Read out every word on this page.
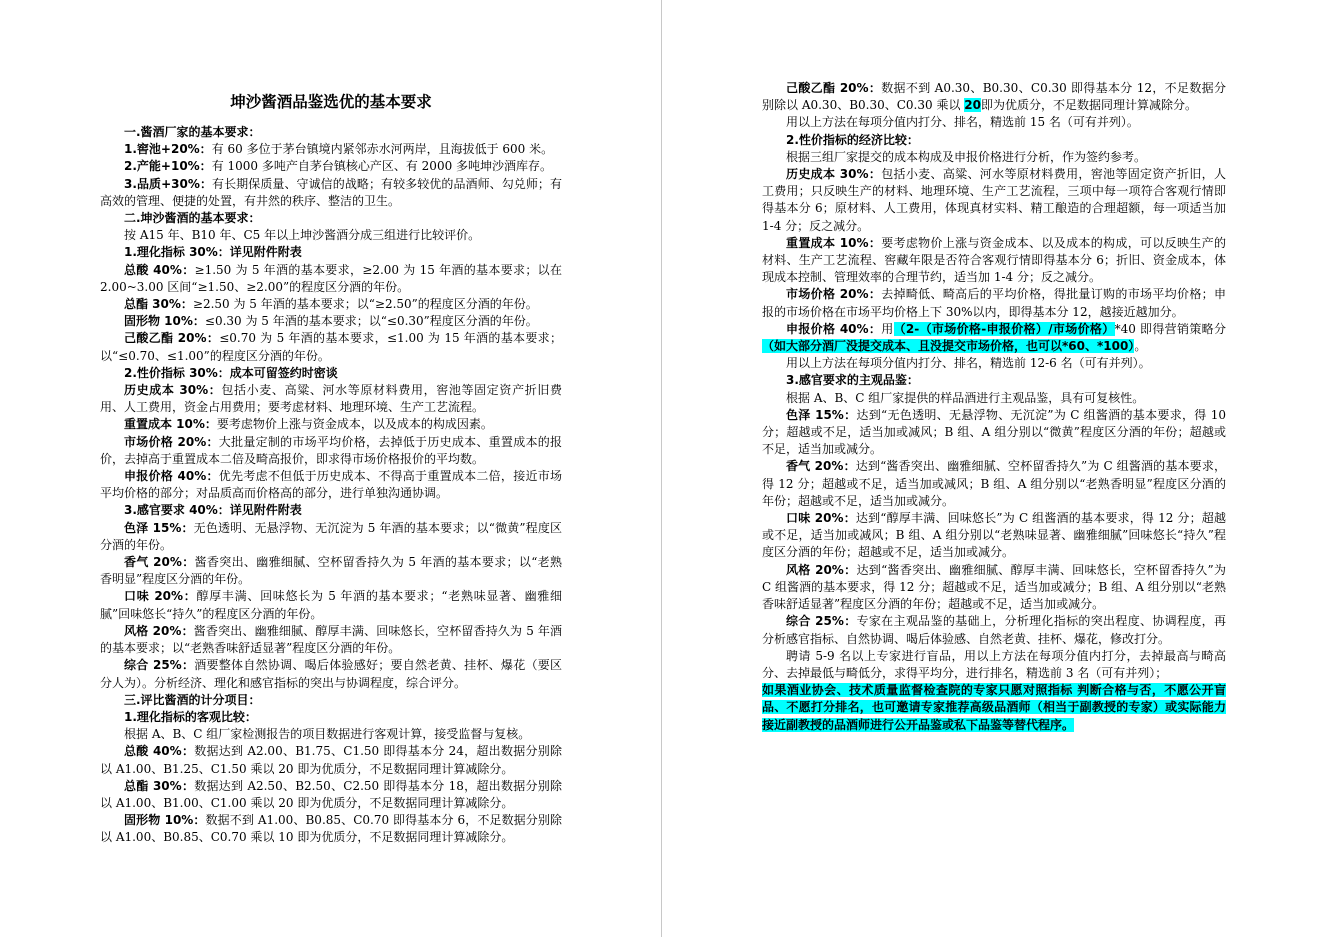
坤沙酱酒品鉴选优的基本要求

一.酱酒厂家的基本要求：

1.窖池+20%：有 60 多位于茅台镇境内紧邻赤水河两岸，且海拔低于 600 米。

2.产能+10%：有 1000 多吨产自茅台镇核心产区、有 2000 多吨坤沙酒库存。

3.品质+30%：有长期保质量、守诚信的战略；有较多较优的品酒师、勾兑师；有高效的管理、便捷的处置，有井然的秩序、整洁的卫生。

二.坤沙酱酒的基本要求：

按 A15 年、B10 年、C5 年以上坤沙酱酒分成三组进行比较评价。

1.理化指标 30%：详见附件附表

总酸 40%：≥1.50 为 5 年酒的基本要求，≥2.00 为 15 年酒的基本要求；以在 2.00~3.00 区间“≥1.50、≥2.00”的程度区分酒的年份。

总酯 30%：≥2.50 为 5 年酒的基本要求；以“≥2.50”的程度区分酒的年份。

固形物 10%：≤0.30 为 5 年酒的基本要求；以“≤0.30”程度区分酒的年份。

己酸乙酯 20%：≤0.70 为 5 年酒的基本要求，≤1.00 为 15 年酒的基本要求；以“≤0.70、≤1.00”的程度区分酒的年份。

2.性价指标 30%：成本可留签约时密谈

历史成本 30%：包括小麦、高粱、河水等原材料费用，窖池等固定资产折旧费用、人工费用，资金占用费用；要考虑材料、地理环境、生产工艺流程。

重置成本 10%：要考虑物价上涨与资金成本，以及成本的构成因素。

市场价格 20%：大批量定制的市场平均价格，去掉低于历史成本、重置成本的报价，去掉高于重置成本二倍及畸高报价，即求得市场价格报价的平均数。

申报价格 40%：优先考虑不但低于历史成本、不得高于重置成本二倍，接近市场平均价格的部分；对品质高而价格高的部分，进行单独沟通协调。

3.感官要求 40%：详见附件附表

色泽 15%：无色透明、无悬浮物、无沉淀为 5 年酒的基本要求；以“微黄”程度区分酒的年份。

香气 20%：酱香突出、幽雅细腻、空杯留香持久为 5 年酒的基本要求；以“老熟香明显”程度区分酒的年份。

口味 20%：醇厚丰满、回味悠长为 5 年酒的基本要求；“老熟味显著、幽雅细腻”回味悠长“持久”的程度区分酒的年份。

风格 20%：酱香突出、幽雅细腻、醇厚丰满、回味悠长，空杯留香持久为 5 年酒的基本要求；以“老熟香味舒适显著”程度区分酒的年份。

综合 25%：酒要整体自然协调、喝后体验感好；要自然老黄、挂杯、爆花（要区分人为）。分析经济、理化和感官指标的突出与协调程度，综合评分。

三.评比酱酒的计分项目：

1.理化指标的客观比较：

根据 A、B、C 组厂家检测报告的项目数据进行客观计算，接受监督与复核。

总酸 40%：数据达到 A2.00、B1.75、C1.50 即得基本分 24，超出数据分别除以 A1.00、B1.25、C1.50 乘以 20 即为优质分，不足数据同理计算减除分。

总酯 30%：数据达到 A2.50、B2.50、C2.50 即得基本分 18，超出数据分别除以 A1.00、B1.00、C1.00 乘以 20 即为优质分，不足数据同理计算减除分。

固形物 10%：数据不到 A1.00、B0.85、C0.70 即得基本分 6，不足数据分别除以 A1.00、B0.85、C0.70 乘以 10 即为优质分，不足数据同理计算减除分。

己酸乙酯 20%：数据不到 A0.30、B0.30、C0.30 即得基本分 12，不足数据分别除以 A0.30、B0.30、C0.30 乘以 20即为优质分，不足数据同理计算减除分。

用以上方法在每项分值内打分、排名，精选前 15 名（可有并列）。

2.性价指标的经济比较：

根据三组厂家提交的成本构成及申报价格进行分析，作为签约参考。

历史成本 30%：包括小麦、高粱、河水等原材料费用，窖池等固定资产折旧，人工费用；只反映生产的材料、地理环境、生产工艺流程，三项中每一项符合客观行情即得基本分 6；原材料、人工费用，体现真材实料、精工酿造的合理超额，每一项适当加 1-4 分；反之减分。

重置成本 10%：要考虑物价上涨与资金成本、以及成本的构成，可以反映生产的材料、生产工艺流程、窖藏年限是否符合客观行情即得基本分 6；折旧、资金成本，体现成本控制、管理效率的合理节约，适当加 1-4 分；反之减分。

市场价格 20%：去掉畸低、畸高后的平均价格，得批量订购的市场平均价格；申报的市场价格在市场平均价格上下 30%以内，即得基本分 12，越接近越加分。

申报价格 40%：用（2-（市场价格-申报价格）/市场价格）*40 即得营销策略分（如大部分酒厂没提交成本、且没提交市场价格，也可以*60、*100）。

用以上方法在每项分值内打分、排名，精选前 12-6 名（可有并列）。

3.感官要求的主观品鉴：

根据 A、B、C 组厂家提供的样品酒进行主观品鉴，具有可复核性。

色泽 15%：达到“无色透明、无悬浮物、无沉淀”为 C 组酱酒的基本要求，得 10 分；超越或不足，适当加或减风；B 组、A 组分别以“微黄”程度区分酒的年份；超越或不足，适当加或减分。

香气 20%：达到“酱香突出、幽雅细腻、空杯留香持久”为 C 组酱酒的基本要求，得 12 分；超越或不足，适当加或减风；B 组、A 组分别以“老熟香明显”程度区分酒的年份；超越或不足，适当加或减分。

口味 20%：达到“醇厚丰满、回味悠长”为 C 组酱酒的基本要求，得 12 分；超越或不足，适当加或减风；B 组、A 组分别以“老熟味显著、幽雅细腻”回味悠长“持久”程度区分酒的年份；超越或不足，适当加或减分。

风格 20%：达到“酱香突出、幽雅细腻、醇厚丰满、回味悠长，空杯留香持久”为 C 组酱酒的基本要求，得 12 分；超越或不足，适当加或减分；B 组、A 组分别以“老熟香味舒适显著”程度区分酒的年份；超越或不足，适当加或减分。

综合 25%：专家在主观品鉴的基础上，分析理化指标的突出程度、协调程度，再分析感官指标、自然协调、喝后体验感、自然老黄、挂杯、爆花，修改打分。

聘请 5-9 名以上专家进行盲品，用以上方法在每项分值内打分，去掉最高与畸高分、去掉最低与畸低分，求得平均分，进行排名，精选前 3 名（可有并列）；

如果酒业协会、技术质量监督检查院的专家只愿对照指标 判断合格与否，不愿公开盲品、不愿打分排名，也可邀请专家推荐高级品酒师（相当于副教授的专家）或实际能力接近副教授的品酒师进行公开品鉴或私下品鉴等替代程序。
